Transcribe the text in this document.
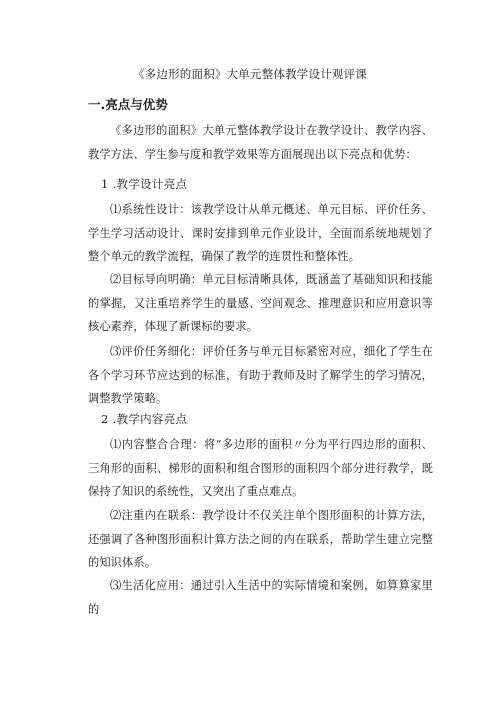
《多边形的面积》大单元整体教学设计观评课
一.亮点与优势
《多边形的面积》大单元整体教学设计在教学设计、教学内容、教学方法、学生参与度和教学效果等方面展现出以下亮点和优势：
1 .教学设计亮点
⑴系统性设计：该教学设计从单元概述、单元目标、评价任务、学生学习活动设计、课时安排到单元作业设计，全面而系统地规划了整个单元的教学流程，确保了教学的连贯性和整体性。
⑵目标导向明确：单元目标清晰具体，既涵盖了基础知识和技能的掌握，又注重培养学生的量感、空间观念、推理意识和应用意识等核心素养，体现了新课标的要求。
⑶评价任务细化：评价任务与单元目标紧密对应，细化了学生在各个学习环节应达到的标准，有助于教师及时了解学生的学习情况，调整教学策略。
2 .教学内容亮点
⑴内容整合合理：将“多边形的面积〃分为平行四边形的面积、三角形的面积、梯形的面积和组合图形的面积四个部分进行教学，既保持了知识的系统性，又突出了重点难点。
⑵注重内在联系：教学设计不仅关注单个图形面积的计算方法，还强调了各种图形面积计算方法之间的内在联系，帮助学生建立完整的知识体系。
⑶生活化应用：通过引入生活中的实际情境和案例，如算算家里的
